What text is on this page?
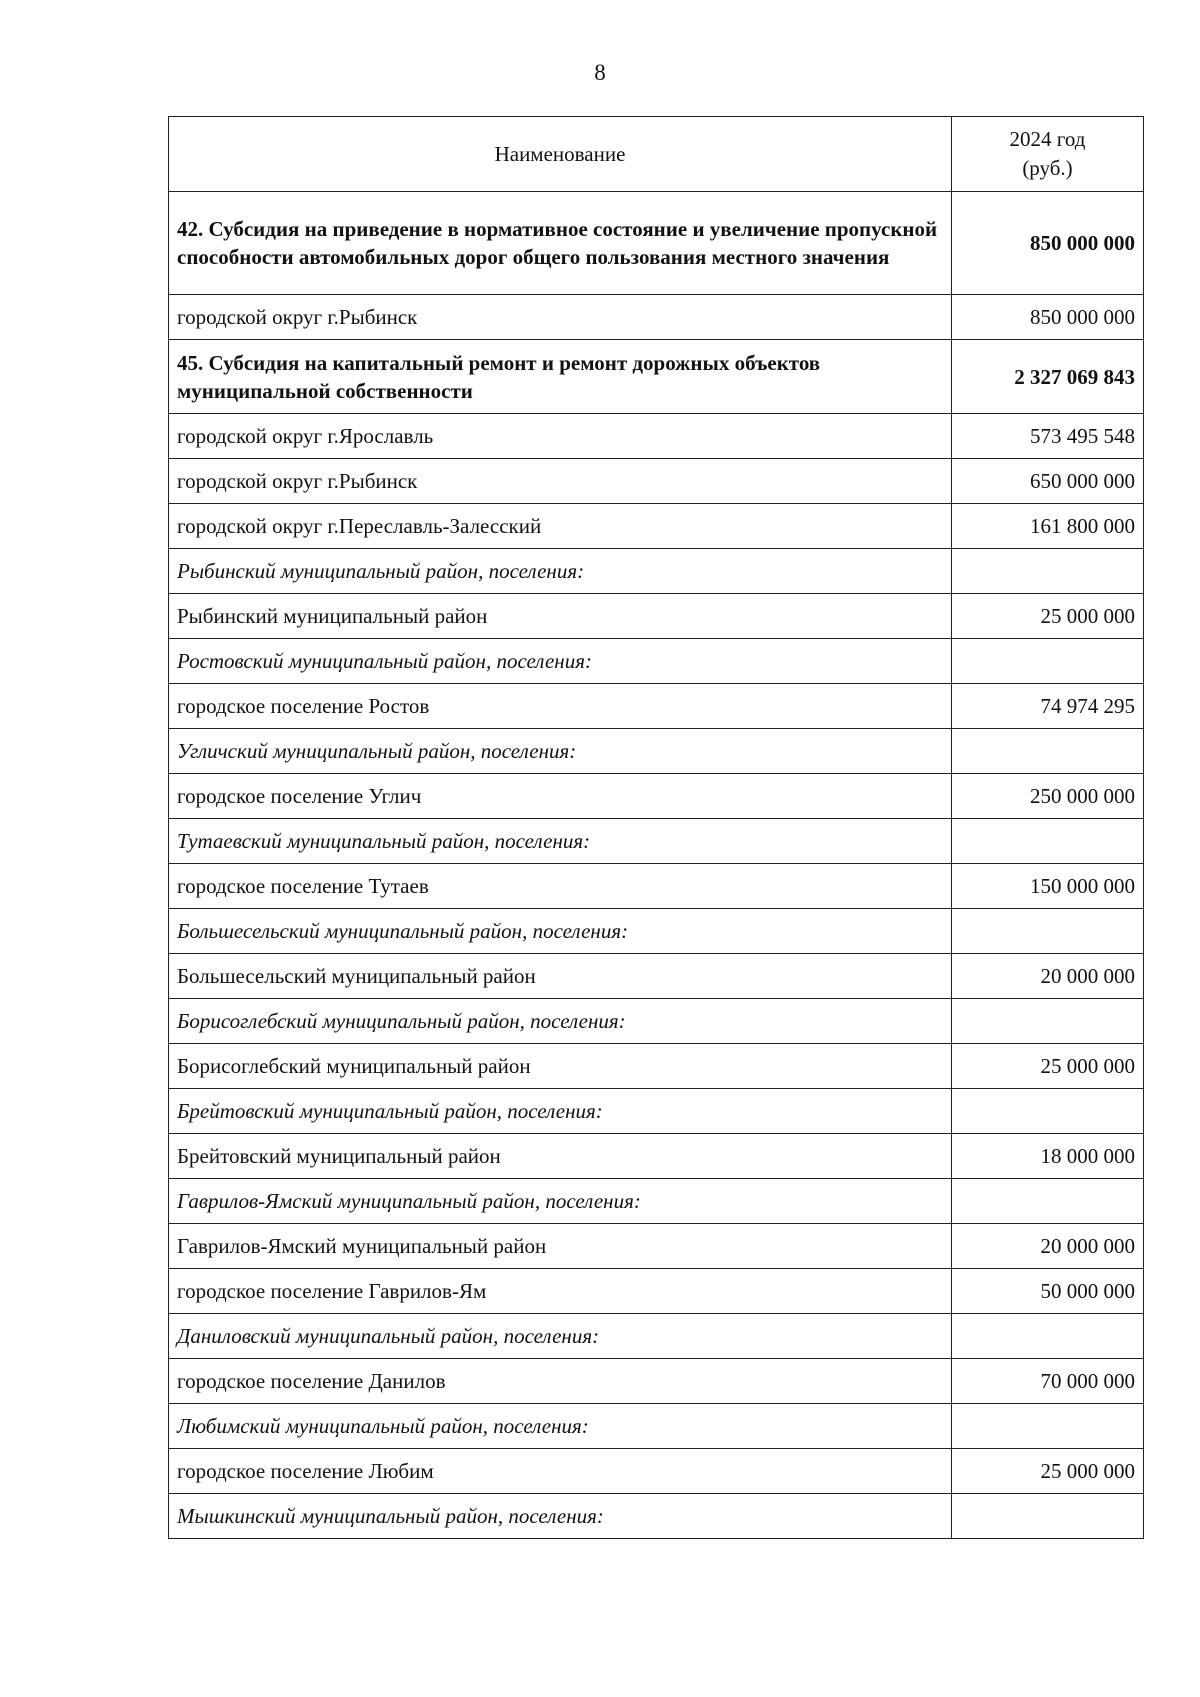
8
Наименование	2024 год
(руб.)
42. Субсидия на приведение в нормативное состояние и увеличение пропускной способности автомобильных дорог общего пользования местного значения	850 000 000
городской округ г.Рыбинск	850 000 000
45. Субсидия на капитальный ремонт и ремонт дорожных объектов муниципальной собственности	2 327 069 843
городской округ г.Ярославль	573 495 548
городской округ г.Рыбинск	650 000 000
городской округ г.Переславль-Залесский	161 800 000
Рыбинский муниципальный район, поселения:	
Рыбинский муниципальный район	25 000 000
Ростовский муниципальный район, поселения:	
городское поселение Ростов	74 974 295
Угличский муниципальный район, поселения:	
городское поселение Углич	250 000 000
Тутаевский муниципальный район, поселения:	
городское поселение Тутаев	150 000 000
Большесельский муниципальный район, поселения:	
Большесельский муниципальный район	20 000 000
Борисоглебский муниципальный район, поселения:	
Борисоглебский муниципальный район	25 000 000
Брейтовский муниципальный район, поселения:	
Брейтовский муниципальный район	18 000 000
Гаврилов-Ямский муниципальный район, поселения:	
Гаврилов-Ямский муниципальный район	20 000 000
городское поселение Гаврилов-Ям	50 000 000
Даниловский муниципальный район, поселения:	
городское поселение Данилов	70 000 000
Любимский муниципальный район, поселения:	
городское поселение Любим	25 000 000
Мышкинский муниципальный район, поселения:	
